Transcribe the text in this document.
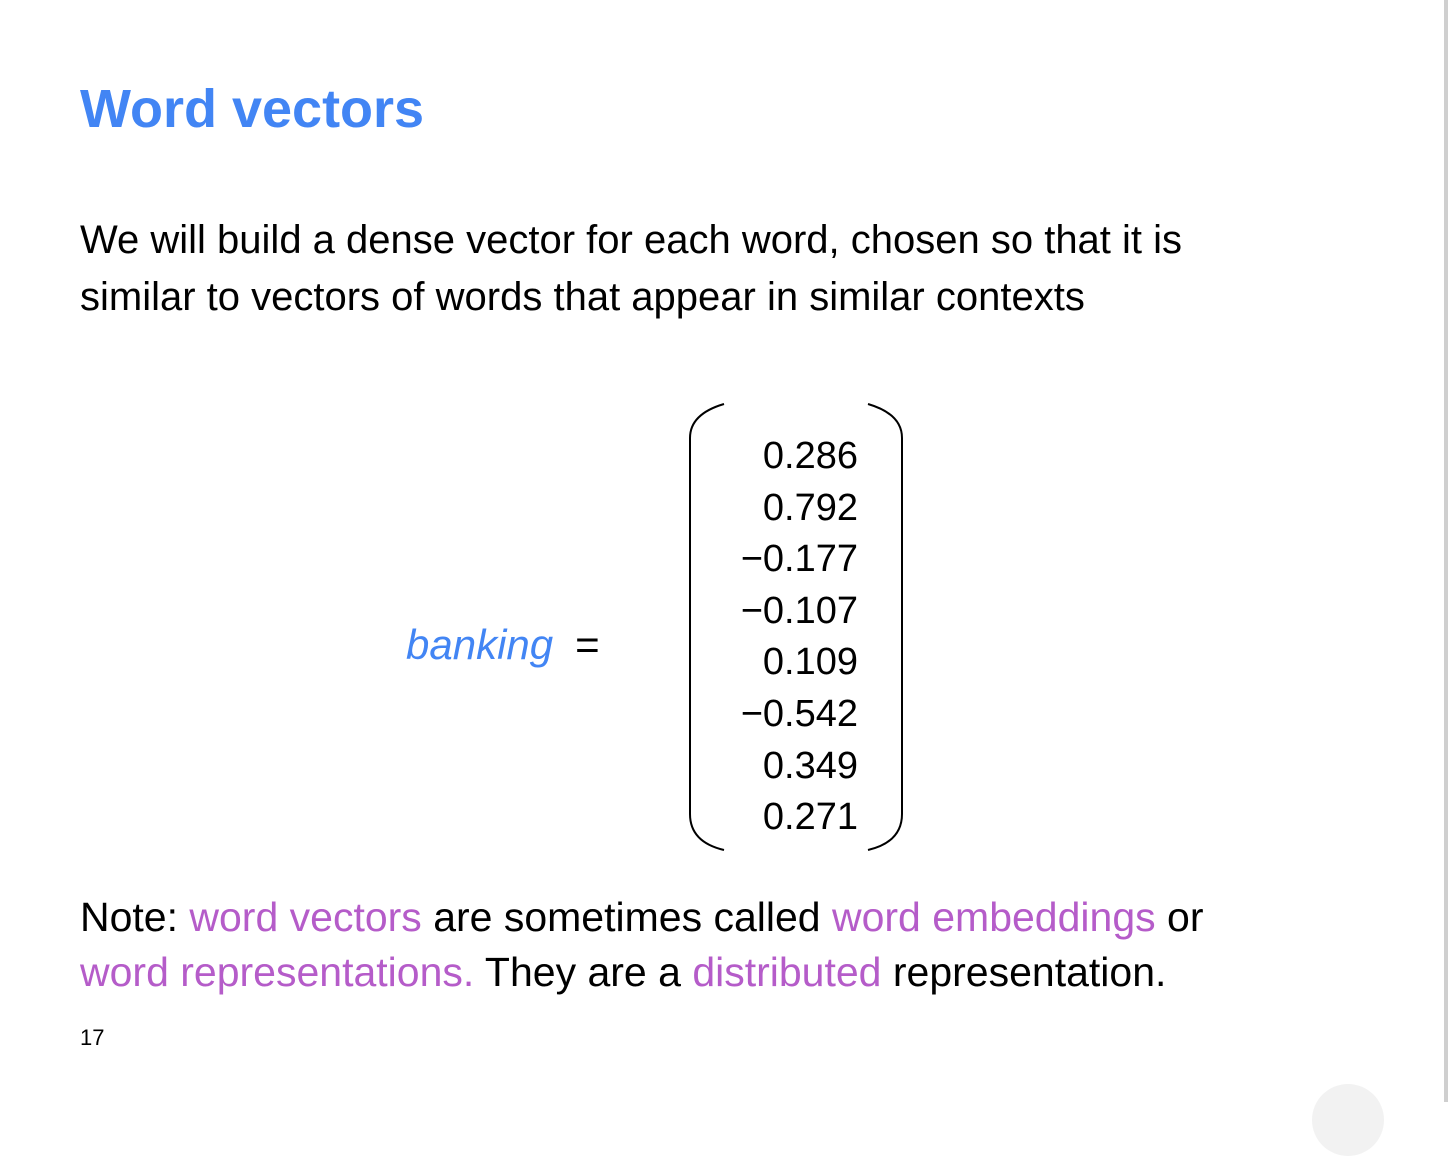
Word vectors

We will build a dense vector for each word, chosen so that it is
similar to vectors of words that appear in similar contexts

banking =
0.286
0.792
−0.177
−0.107
0.109
−0.542
0.349
0.271

Note: word vectors are sometimes called word embeddings or
word representations. They are a distributed representation.

17
